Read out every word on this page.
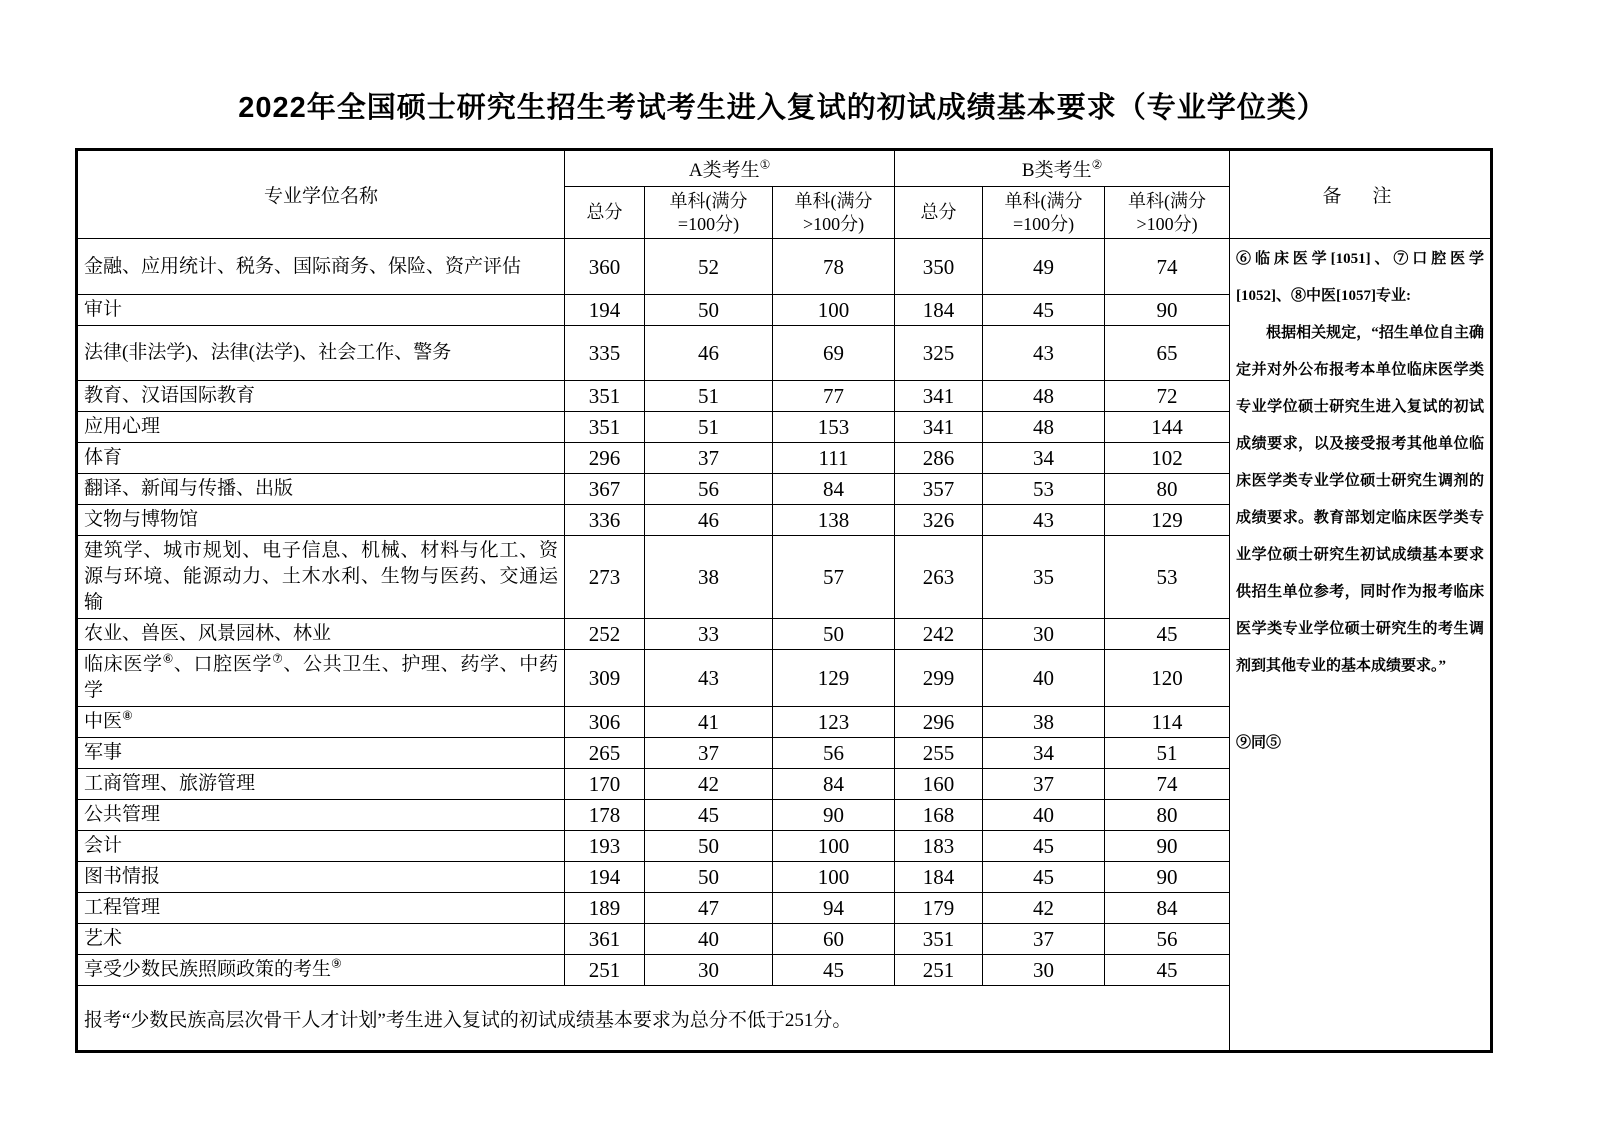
2022年全国硕士研究生招生考试考生进入复试的初试成绩基本要求（专业学位类）
专业学位名称	A类考生①			B类考生②			备　注
	总分	单科(满分=100分)	单科(满分>100分)	总分	单科(满分=100分)	单科(满分>100分)	
金融、应用统计、税务、国际商务、保险、资产评估	360	52	78	350	49	74	⑥临床医学[1051]、⑦口腔医学[1052]、⑧中医[1057]专业:

根据相关规定，“招生单位自主确定并对外公布报考本单位临床医学类专业学位硕士研究生进入复试的初试成绩要求，以及接受报考其他单位临床医学类专业学位硕士研究生调剂的成绩要求。教育部划定临床医学类专业学位硕士研究生初试成绩基本要求供招生单位参考，同时作为报考临床医学类专业学位硕士研究生的考生调剂到其他专业的基本成绩要求。”

⑨同⑤

审计	194	50	100	184	45	90	
法律(非法学)、法律(法学)、社会工作、警务	335	46	69	325	43	65	
教育、汉语国际教育	351	51	77	341	48	72	
应用心理	351	51	153	341	48	144	
体育	296	37	111	286	34	102	
翻译、新闻与传播、出版	367	56	84	357	53	80	
文物与博物馆	336	46	138	326	43	129	
建筑学、城市规划、电子信息、机械、材料与化工、资源与环境、能源动力、土木水利、生物与医药、交通运输	273	38	57	263	35	53	
农业、兽医、风景园林、林业	252	33	50	242	30	45	
临床医学⑥、口腔医学⑦、公共卫生、护理、药学、中药学	309	43	129	299	40	120	
中医⑧	306	41	123	296	38	114	
军事	265	37	56	255	34	51	
工商管理、旅游管理	170	42	84	160	37	74	
公共管理	178	45	90	168	40	80	
会计	193	50	100	183	45	90	
图书情报	194	50	100	184	45	90	
工程管理	189	47	94	179	42	84	
艺术	361	40	60	351	37	56	
享受少数民族照顾政策的考生⑨	251	30	45	251	30	45	
报考“少数民族高层次骨干人才计划”考生进入复试的初试成绩基本要求为总分不低于251分。							
